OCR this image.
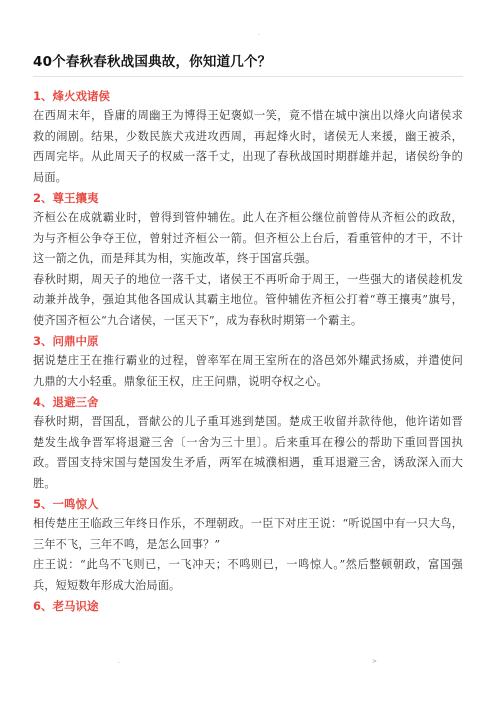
.
40个春秋春秋战国典故，你知道几个？

1、烽火戏诸侯

在西周末年，昏庸的周幽王为博得王妃褒姒一笑，竟不惜在城中演出以烽火向诸侯求救的闹剧。结果，少数民族犬戎进攻西周，再起烽火时，诸侯无人来援，幽王被杀，西周完毕。从此周天子的权威一落千丈，出现了春秋战国时期群雄并起，诸侯纷争的局面。

2、尊王攘夷

齐桓公在成就霸业时，曾得到管仲辅佐。此人在齐桓公继位前曾侍从齐桓公的政敌，为与齐桓公争夺王位，曾射过齐桓公一箭。但齐桓公上台后，看重管仲的才干，不计这一箭之仇，而是拜其为相，实施改革，终于国富兵强。

春秋时期，周天子的地位一落千丈，诸侯王不再听命于周王，一些强大的诸侯趁机发动兼并战争，强迫其他各国成认其霸主地位。管仲辅佐齐桓公打着“尊王攘夷”旗号，使齐国齐桓公“九合诸侯，一匡天下”，成为春秋时期第一个霸主。

3、问鼎中原

据说楚庄王在推行霸业的过程，曾率军在周王室所在的洛邑郊外耀武扬威，并遣使问九鼎的大小轻重。鼎象征王权，庄王问鼎，说明夺权之心。

4、退避三舍

春秋时期，晋国乱，晋献公的儿子重耳逃到楚国。楚成王收留并款待他，他许诺如晋楚发生战争晋军将退避三舍〔一舍为三十里〕。后来重耳在穆公的帮助下重回晋国执政。晋国支持宋国与楚国发生矛盾，两军在城濮相遇，重耳退避三舍，诱敌深入而大胜。

5、一鸣惊人

相传楚庄王临政三年终日作乐，不理朝政。一臣下对庄王说：“听说国中有一只大鸟，三年不飞，三年不鸣，是怎么回事？”

庄王说：“此鸟不飞则已，一飞冲天；不鸣则已，一鸣惊人。”然后整顿朝政，富国强兵，短短数年形成大治局面。

6、老马识途

.	>
